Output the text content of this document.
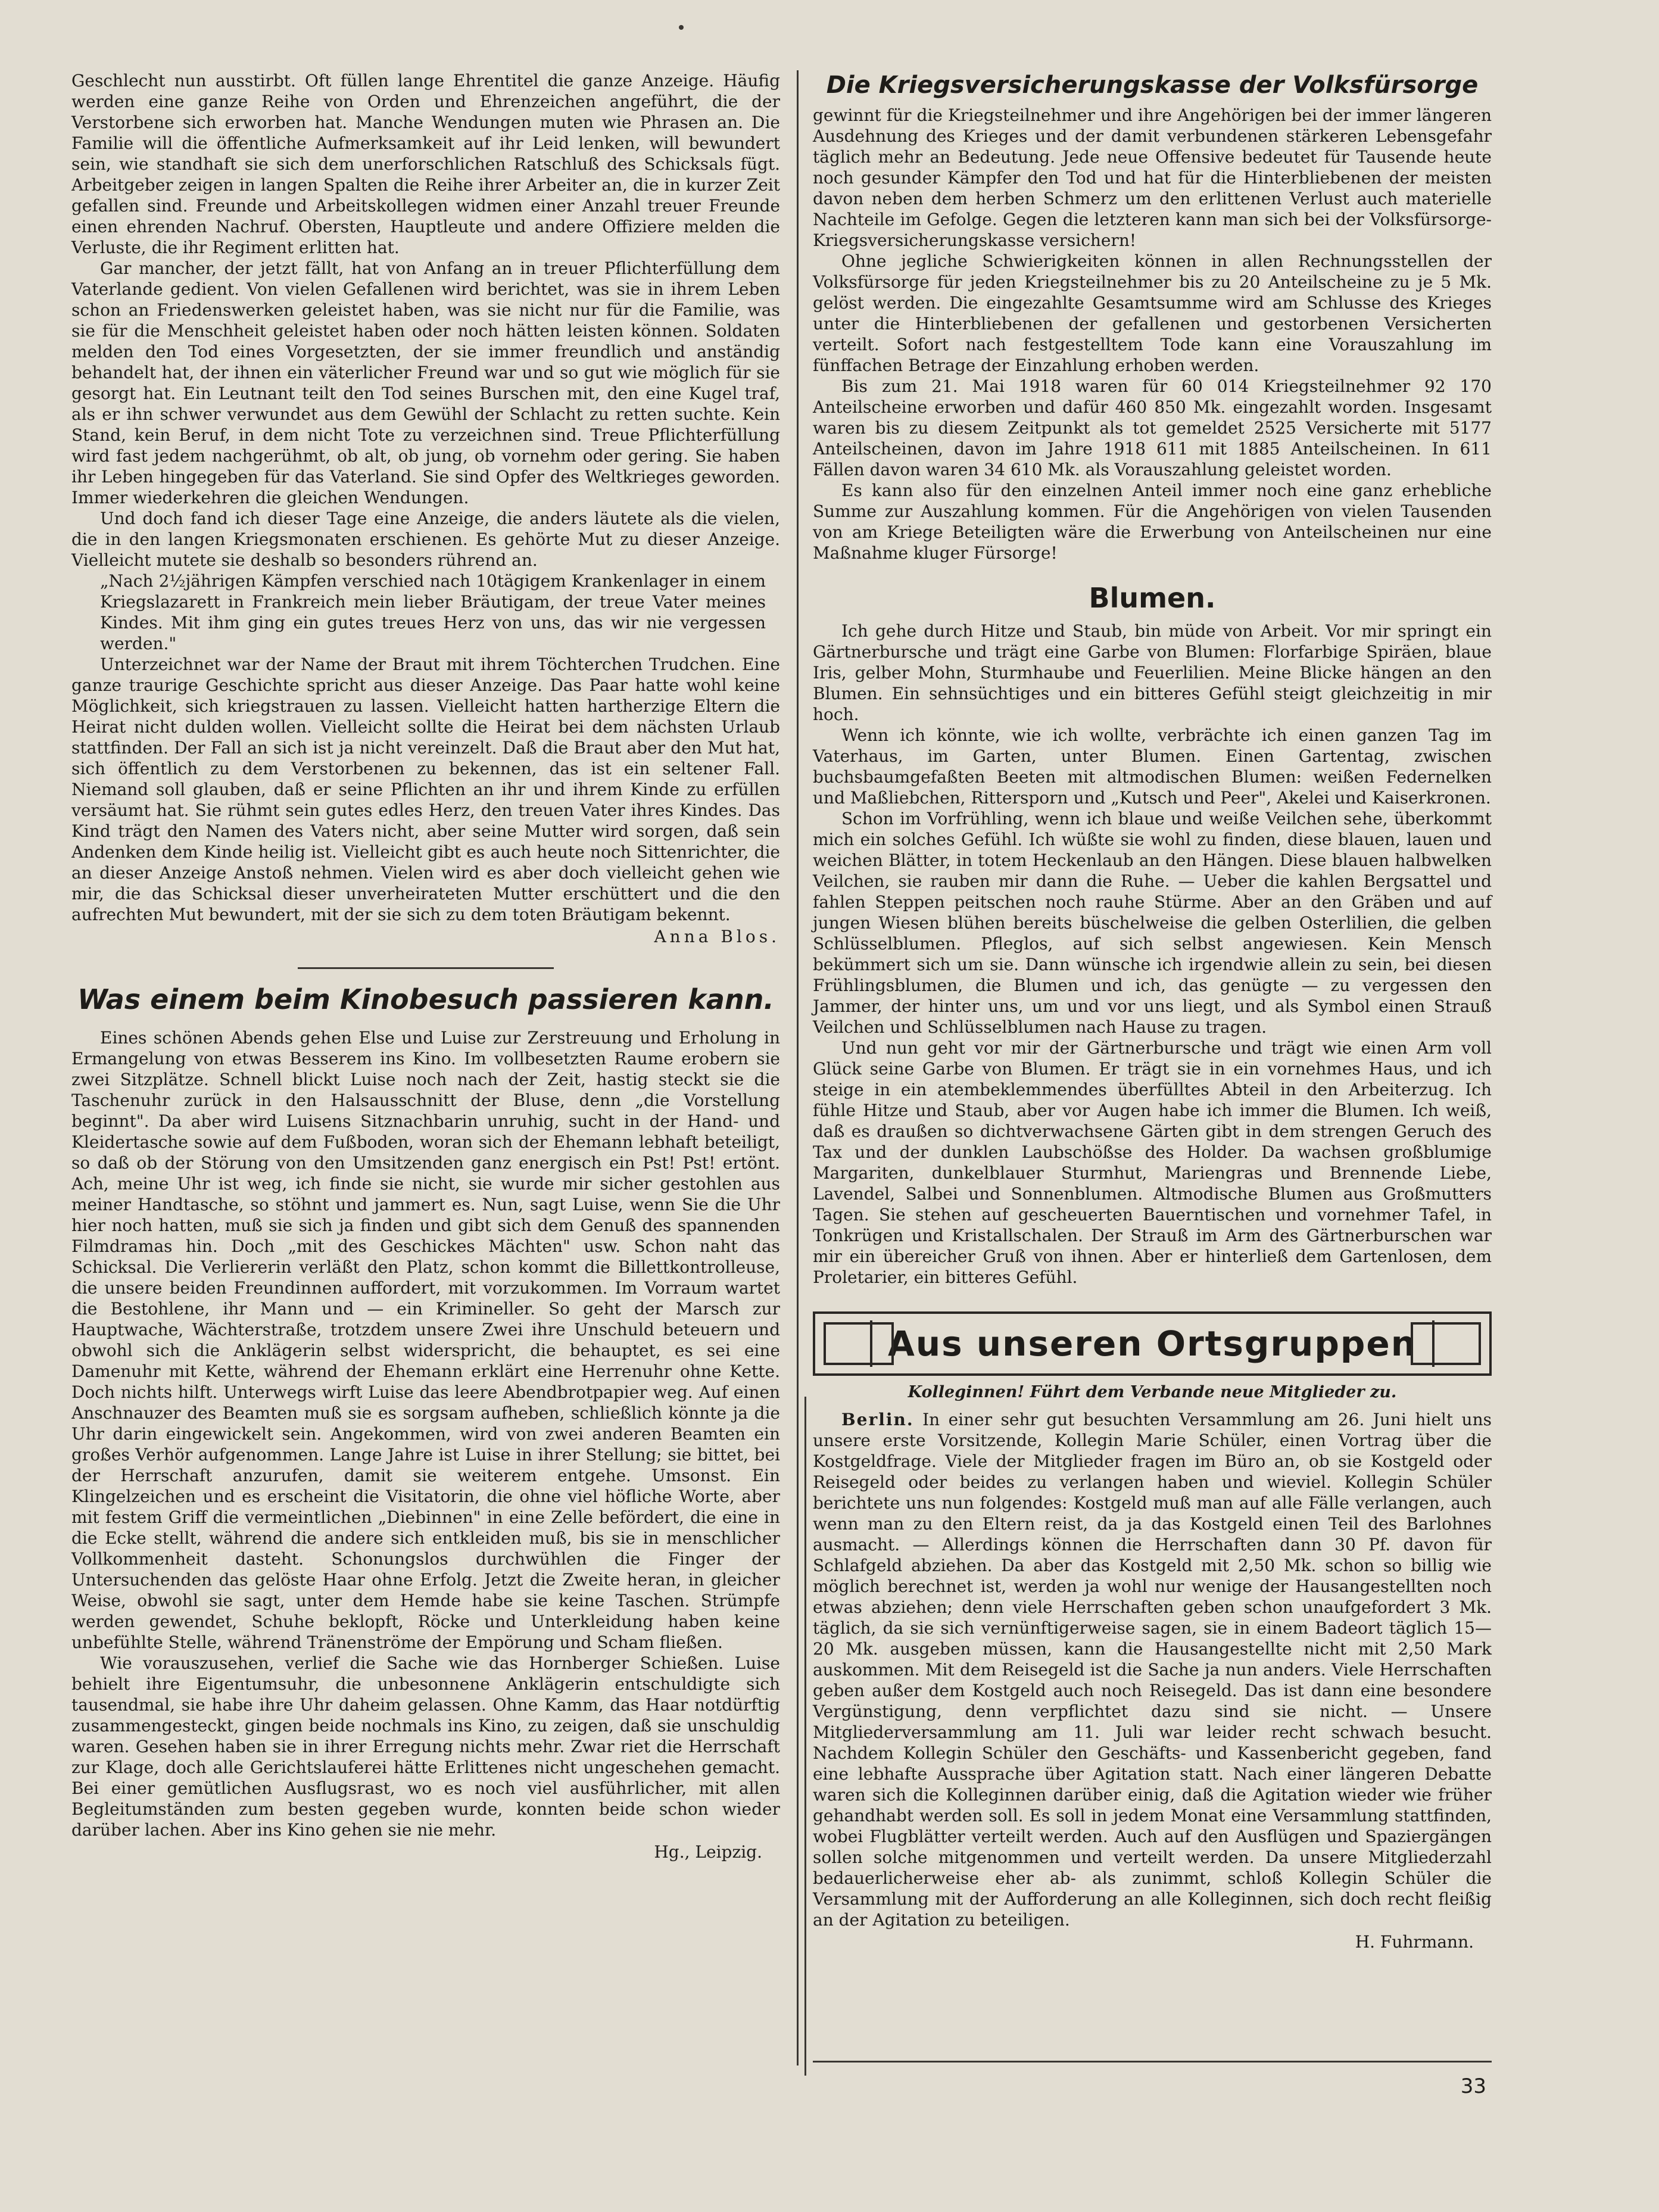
Geschlecht nun ausstirbt. Oft füllen lange Ehrentitel die ganze Anzeige. Häufig werden eine ganze Reihe von Orden und Ehrenzeichen angeführt, die der Verstorbene sich erworben hat. Manche Wendungen muten wie Phrasen an. Die Familie will die öffentliche Aufmerksamkeit auf ihr Leid lenken, will bewundert sein, wie standhaft sie sich dem unerforschlichen Ratschluß des Schicksals fügt. Arbeitgeber zeigen in langen Spalten die Reihe ihrer Arbeiter an, die in kurzer Zeit gefallen sind. Freunde und Arbeitskollegen widmen einer Anzahl treuer Freunde einen ehrenden Nachruf. Obersten, Hauptleute und andere Offiziere melden die Verluste, die ihr Regiment erlitten hat.

Gar mancher, der jetzt fällt, hat von Anfang an in treuer Pflichterfüllung dem Vaterlande gedient. Von vielen Gefallenen wird berichtet, was sie in ihrem Leben schon an Friedenswerken geleistet haben, was sie nicht nur für die Familie, was sie für die Menschheit geleistet haben oder noch hätten leisten können. Soldaten melden den Tod eines Vorgesetzten, der sie immer freundlich und anständig behandelt hat, der ihnen ein väterlicher Freund war und so gut wie möglich für sie gesorgt hat. Ein Leutnant teilt den Tod seines Burschen mit, den eine Kugel traf, als er ihn schwer verwundet aus dem Gewühl der Schlacht zu retten suchte. Kein Stand, kein Beruf, in dem nicht Tote zu verzeichnen sind. Treue Pflichterfüllung wird fast jedem nachgerühmt, ob alt, ob jung, ob vornehm oder gering. Sie haben ihr Leben hingegeben für das Vaterland. Sie sind Opfer des Weltkrieges geworden. Immer wiederkehren die gleichen Wendungen.

Und doch fand ich dieser Tage eine Anzeige, die anders läutete als die vielen, die in den langen Kriegsmonaten erschienen. Es gehörte Mut zu dieser Anzeige. Vielleicht mutete sie deshalb so besonders rührend an.

„Nach 2½jährigen Kämpfen verschied nach 10tägigem Krankenlager in einem Kriegslazarett in Frankreich mein lieber Bräutigam, der treue Vater meines Kindes. Mit ihm ging ein gutes treues Herz von uns, das wir nie vergessen werden."

Unterzeichnet war der Name der Braut mit ihrem Töchterchen Trudchen. Eine ganze traurige Geschichte spricht aus dieser Anzeige. Das Paar hatte wohl keine Möglichkeit, sich kriegstrauen zu lassen. Vielleicht hatten hartherzige Eltern die Heirat nicht dulden wollen. Vielleicht sollte die Heirat bei dem nächsten Urlaub stattfinden. Der Fall an sich ist ja nicht vereinzelt. Daß die Braut aber den Mut hat, sich öffentlich zu dem Verstorbenen zu bekennen, das ist ein seltener Fall. Niemand soll glauben, daß er seine Pflichten an ihr und ihrem Kinde zu erfüllen versäumt hat. Sie rühmt sein gutes edles Herz, den treuen Vater ihres Kindes. Das Kind trägt den Namen des Vaters nicht, aber seine Mutter wird sorgen, daß sein Andenken dem Kinde heilig ist. Vielleicht gibt es auch heute noch Sittenrichter, die an dieser Anzeige Anstoß nehmen. Vielen wird es aber doch vielleicht gehen wie mir, die das Schicksal dieser unverheirateten Mutter erschüttert und die den aufrechten Mut bewundert, mit der sie sich zu dem toten Bräutigam bekennt.

Anna Blos.

Was einem beim Kinobesuch passieren kann.

Eines schönen Abends gehen Else und Luise zur Zerstreuung und Erholung in Ermangelung von etwas Besserem ins Kino. Im vollbesetzten Raume erobern sie zwei Sitzplätze. Schnell blickt Luise noch nach der Zeit, hastig steckt sie die Taschenuhr zurück in den Halsausschnitt der Bluse, denn „die Vorstellung beginnt". Da aber wird Luisens Sitznachbarin unruhig, sucht in der Hand- und Kleidertasche sowie auf dem Fußboden, woran sich der Ehemann lebhaft beteiligt, so daß ob der Störung von den Umsitzenden ganz energisch ein Pst! Pst! ertönt. Ach, meine Uhr ist weg, ich finde sie nicht, sie wurde mir sicher gestohlen aus meiner Handtasche, so stöhnt und jammert es. Nun, sagt Luise, wenn Sie die Uhr hier noch hatten, muß sie sich ja finden und gibt sich dem Genuß des spannenden Filmdramas hin. Doch „mit des Geschickes Mächten" usw. Schon naht das Schicksal. Die Verliererin verläßt den Platz, schon kommt die Billettkontrolleuse, die unsere beiden Freundinnen auffordert, mit vorzukommen. Im Vorraum wartet die Bestohlene, ihr Mann und — ein Krimineller. So geht der Marsch zur Hauptwache, Wächterstraße, trotzdem unsere Zwei ihre Unschuld beteuern und obwohl sich die Anklägerin selbst widerspricht, die behauptet, es sei eine Damenuhr mit Kette, während der Ehemann erklärt eine Herrenuhr ohne Kette. Doch nichts hilft. Unterwegs wirft Luise das leere Abendbrotpapier weg. Auf einen Anschnauzer des Beamten muß sie es sorgsam aufheben, schließlich könnte ja die Uhr darin eingewickelt sein. Angekommen, wird von zwei anderen Beamten ein großes Verhör aufgenommen. Lange Jahre ist Luise in ihrer Stellung; sie bittet, bei der Herrschaft anzurufen, damit sie weiterem entgehe. Umsonst. Ein Klingelzeichen und es erscheint die Visitatorin, die ohne viel höfliche Worte, aber mit festem Griff die vermeintlichen „Diebinnen" in eine Zelle befördert, die eine in die Ecke stellt, während die andere sich entkleiden muß, bis sie in menschlicher Vollkommenheit dasteht. Schonungslos durchwühlen die Finger der Untersuchenden das gelöste Haar ohne Erfolg. Jetzt die Zweite heran, in gleicher Weise, obwohl sie sagt, unter dem Hemde habe sie keine Taschen. Strümpfe werden gewendet, Schuhe beklopft, Röcke und Unterkleidung haben keine unbefühlte Stelle, während Tränenströme der Empörung und Scham fließen.

Wie vorauszusehen, verlief die Sache wie das Hornberger Schießen. Luise behielt ihre Eigentumsuhr, die unbesonnene Anklägerin entschuldigte sich tausendmal, sie habe ihre Uhr daheim gelassen. Ohne Kamm, das Haar notdürftig zusammengesteckt, gingen beide nochmals ins Kino, zu zeigen, daß sie unschuldig waren. Gesehen haben sie in ihrer Erregung nichts mehr. Zwar riet die Herrschaft zur Klage, doch alle Gerichtslauferei hätte Erlittenes nicht ungeschehen gemacht. Bei einer gemütlichen Ausflugsrast, wo es noch viel ausführlicher, mit allen Begleitumständen zum besten gegeben wurde, konnten beide schon wieder darüber lachen. Aber ins Kino gehen sie nie mehr.

Hg., Leipzig.

Die Kriegsversicherungskasse der Volksfürsorge

gewinnt für die Kriegsteilnehmer und ihre Angehörigen bei der immer längeren Ausdehnung des Krieges und der damit verbundenen stärkeren Lebensgefahr täglich mehr an Bedeutung. Jede neue Offensive bedeutet für Tausende heute noch gesunder Kämpfer den Tod und hat für die Hinterbliebenen der meisten davon neben dem herben Schmerz um den erlittenen Verlust auch materielle Nachteile im Gefolge. Gegen die letzteren kann man sich bei der Volksfürsorge-Kriegsversicherungskasse versichern!

Ohne jegliche Schwierigkeiten können in allen Rechnungsstellen der Volksfürsorge für jeden Kriegsteilnehmer bis zu 20 Anteilscheine zu je 5 Mk. gelöst werden. Die eingezahlte Gesamtsumme wird am Schlusse des Krieges unter die Hinterbliebenen der gefallenen und gestorbenen Versicherten verteilt. Sofort nach festgestelltem Tode kann eine Vorauszahlung im fünffachen Betrage der Einzahlung erhoben werden.

Bis zum 21. Mai 1918 waren für 60 014 Kriegsteilnehmer 92 170 Anteilscheine erworben und dafür 460 850 Mk. eingezahlt worden. Insgesamt waren bis zu diesem Zeitpunkt als tot gemeldet 2525 Versicherte mit 5177 Anteilscheinen, davon im Jahre 1918 611 mit 1885 Anteilscheinen. In 611 Fällen davon waren 34 610 Mk. als Vorauszahlung geleistet worden.

Es kann also für den einzelnen Anteil immer noch eine ganz erhebliche Summe zur Auszahlung kommen. Für die Angehörigen von vielen Tausenden von am Kriege Beteiligten wäre die Erwerbung von Anteilscheinen nur eine Maßnahme kluger Fürsorge!

Blumen.

Ich gehe durch Hitze und Staub, bin müde von Arbeit. Vor mir springt ein Gärtnerbursche und trägt eine Garbe von Blumen: Florfarbige Spiräen, blaue Iris, gelber Mohn, Sturmhaube und Feuerlilien. Meine Blicke hängen an den Blumen. Ein sehnsüchtiges und ein bitteres Gefühl steigt gleichzeitig in mir hoch.

Wenn ich könnte, wie ich wollte, verbrächte ich einen ganzen Tag im Vaterhaus, im Garten, unter Blumen. Einen Gartentag, zwischen buchsbaumgefaßten Beeten mit altmodischen Blumen: weißen Federnelken und Maßliebchen, Rittersporn und „Kutsch und Peer", Akelei und Kaiserkronen.

Schon im Vorfrühling, wenn ich blaue und weiße Veilchen sehe, überkommt mich ein solches Gefühl. Ich wüßte sie wohl zu finden, diese blauen, lauen und weichen Blätter, in totem Heckenlaub an den Hängen. Diese blauen halbwelken Veilchen, sie rauben mir dann die Ruhe. — Ueber die kahlen Bergsattel und fahlen Steppen peitschen noch rauhe Stürme. Aber an den Gräben und auf jungen Wiesen blühen bereits büschelweise die gelben Osterlilien, die gelben Schlüsselblumen. Pfleglos, auf sich selbst angewiesen. Kein Mensch bekümmert sich um sie. Dann wünsche ich irgendwie allein zu sein, bei diesen Frühlingsblumen, die Blumen und ich, das genügte — zu vergessen den Jammer, der hinter uns, um und vor uns liegt, und als Symbol einen Strauß Veilchen und Schlüsselblumen nach Hause zu tragen.

Und nun geht vor mir der Gärtnerbursche und trägt wie einen Arm voll Glück seine Garbe von Blumen. Er trägt sie in ein vornehmes Haus, und ich steige in ein atembeklemmendes überfülltes Abteil in den Arbeiterzug. Ich fühle Hitze und Staub, aber vor Augen habe ich immer die Blumen. Ich weiß, daß es draußen so dichtverwachsene Gärten gibt in dem strengen Geruch des Tax und der dunklen Laubschößse des Holder. Da wachsen großblumige Margariten, dunkelblauer Sturmhut, Mariengras und Brennende Liebe, Lavendel, Salbei und Sonnenblumen. Altmodische Blumen aus Großmutters Tagen. Sie stehen auf gescheuerten Bauerntischen und vornehmer Tafel, in Tonkrügen und Kristallschalen. Der Strauß im Arm des Gärtnerburschen war mir ein übereicher Gruß von ihnen. Aber er hinterließ dem Gartenlosen, dem Proletarier, ein bitteres Gefühl.

Aus unseren Ortsgruppen

Kolleginnen! Führt dem Verbande neue Mitglieder zu.

Berlin. In einer sehr gut besuchten Versammlung am 26. Juni hielt uns unsere erste Vorsitzende, Kollegin Marie Schüler, einen Vortrag über die Kostgeldfrage. Viele der Mitglieder fragen im Büro an, ob sie Kostgeld oder Reisegeld oder beides zu verlangen haben und wieviel. Kollegin Schüler berichtete uns nun folgendes: Kostgeld muß man auf alle Fälle verlangen, auch wenn man zu den Eltern reist, da ja das Kostgeld einen Teil des Barlohnes ausmacht. — Allerdings können die Herrschaften dann 30 Pf. davon für Schlafgeld abziehen. Da aber das Kostgeld mit 2,50 Mk. schon so billig wie möglich berechnet ist, werden ja wohl nur wenige der Hausangestellten noch etwas abziehen; denn viele Herrschaften geben schon unaufgefordert 3 Mk. täglich, da sie sich vernünftigerweise sagen, sie in einem Badeort täglich 15—20 Mk. ausgeben müssen, kann die Hausangestellte nicht mit 2,50 Mark auskommen. Mit dem Reisegeld ist die Sache ja nun anders. Viele Herrschaften geben außer dem Kostgeld auch noch Reisegeld. Das ist dann eine besondere Vergünstigung, denn verpflichtet dazu sind sie nicht. — Unsere Mitgliederversammlung am 11. Juli war leider recht schwach besucht. Nachdem Kollegin Schüler den Geschäfts- und Kassenbericht gegeben, fand eine lebhafte Aussprache über Agitation statt. Nach einer längeren Debatte waren sich die Kolleginnen darüber einig, daß die Agitation wieder wie früher gehandhabt werden soll. Es soll in jedem Monat eine Versammlung stattfinden, wobei Flugblätter verteilt werden. Auch auf den Ausflügen und Spaziergängen sollen solche mitgenommen und verteilt werden. Da unsere Mitgliederzahl bedauerlicherweise eher ab- als zunimmt, schloß Kollegin Schüler die Versammlung mit der Aufforderung an alle Kolleginnen, sich doch recht fleißig an der Agitation zu beteiligen.

H. Fuhrmann.

33
